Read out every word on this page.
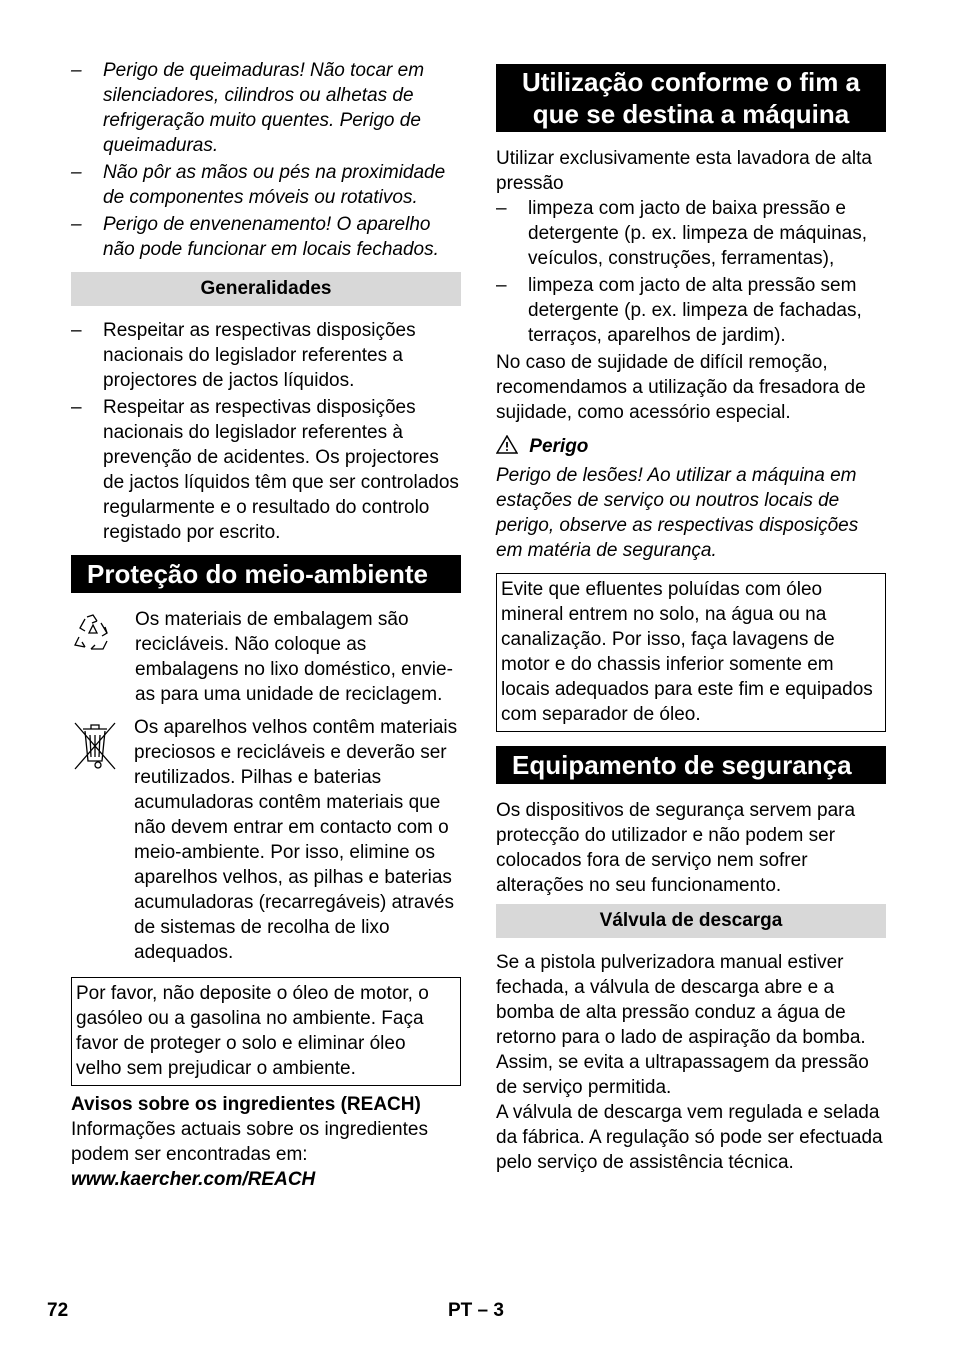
– Perigo de queimaduras! Não tocar em silenciadores, cilindros ou alhetas de refrigeração muito quentes. Perigo de queimaduras.
– Não pôr as mãos ou pés na proximidade de componentes móveis ou rotativos.
– Perigo de envenenamento! O aparelho não pode funcionar em locais fechados.
Generalidades
– Respeitar as respectivas disposições nacionais do legislador referentes a projectores de jactos líquidos.
– Respeitar as respectivas disposições nacionais do legislador referentes à prevenção de acidentes. Os projectores de jactos líquidos têm que ser controlados regularmente e o resultado do controlo registado por escrito.
Proteção do meio-ambiente

Os materiais de embalagem são recicláveis. Não coloque as embalagens no lixo doméstico, envie-as para uma unidade de reciclagem.

Os aparelhos velhos contêm materiais preciosos e recicláveis e deverão ser reutilizados. Pilhas e baterias acumuladoras contêm materiais que não devem entrar em contacto com o meio-ambiente. Por isso, elimine os aparelhos velhos, as pilhas e baterias acumuladoras (recarregáveis) através de sistemas de recolha de lixo adequados.

Por favor, não deposite o óleo de motor, o gasóleo ou a gasolina no ambiente. Faça favor de proteger o solo e eliminar óleo velho sem prejudicar o ambiente.

Avisos sobre os ingredientes (REACH)
Informações actuais sobre os ingredientes podem ser encontradas em:
www.kaercher.com/REACH
Utilização conforme o fim a que se destina a máquina

Utilizar exclusivamente esta lavadora de alta pressão

– limpeza com jacto de baixa pressão e detergente (p. ex. limpeza de máquinas, veículos, construções, ferramentas),
– limpeza com jacto de alta pressão sem detergente (p. ex. limpeza de fachadas, terraços, aparelhos de jardim).

No caso de sujidade de difícil remoção, recomendamos a utilização da fresadora de sujidade, como acessório especial.

Perigo

Perigo de lesões! Ao utilizar a máquina em estações de serviço ou noutros locais de perigo, observe as respectivas disposições em matéria de segurança.

Evite que efluentes poluídas com óleo mineral entrem no solo, na água ou na canalização. Por isso, faça lavagens de motor e do chassis inferior somente em locais adequados para este fim e equipados com separador de óleo.

Equipamento de segurança

Os dispositivos de segurança servem para protecção do utilizador e não podem ser colocados fora de serviço nem sofrer alterações no seu funcionamento.

Válvula de descarga

Se a pistola pulverizadora manual estiver fechada, a válvula de descarga abre e a bomba de alta pressão conduz a água de retorno para o lado de aspiração da bomba. Assim, se evita a ultrapassagem da pressão de serviço permitida.

A válvula de descarga vem regulada e selada da fábrica. A regulação só pode ser efectuada pelo serviço de assistência técnica.

72	PT – 3
